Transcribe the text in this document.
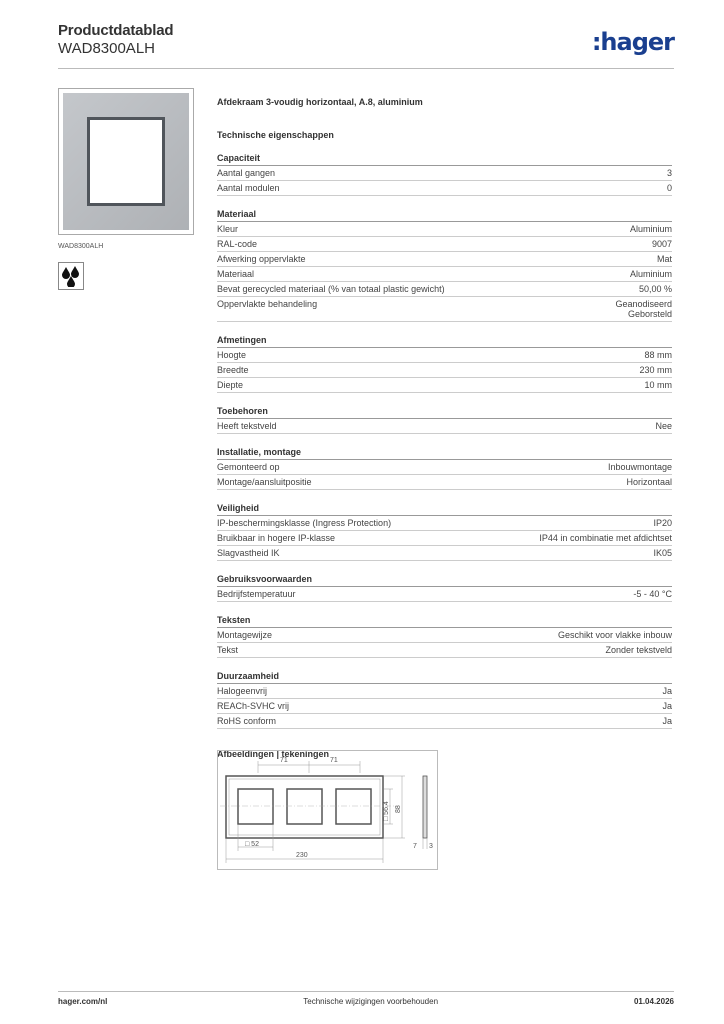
Productdatablad
WAD8300ALH	:hager
WAD8300ALH
Afdekraam 3-voudig horizontaal, A.8, aluminium
Technische eigenschappen
Capaciteit
Aantal gangen	3
Aantal modulen	0
Materiaal
Kleur	Aluminium
RAL-code	9007
Afwerking oppervlakte	Mat
Materiaal	Aluminium
Bevat gerecycled materiaal (% van totaal plastic gewicht)	50,00 %
Oppervlakte behandeling	Geanodiseerd
Geborsteld
Afmetingen
Hoogte	88 mm
Breedte	230 mm
Diepte	10 mm
Toebehoren
Heeft tekstveld	Nee
Installatie, montage
Gemonteerd op	Inbouwmontage
Montage/aansluitpositie	Horizontaal
Veiligheid
IP-beschermingsklasse (Ingress Protection)	IP20
Bruikbaar in hogere IP-klasse	IP44 in combinatie met afdichtset
Slagvastheid IK	IK05
Gebruiksvoorwaarden
Bedrijfstemperatuur	-5 - 40 °C
Teksten
Montagewijze	Geschikt voor vlakke inbouw
Tekst	Zonder tekstveld
Duurzaamheid
Halogeenvrij	Ja
REACh-SVHC vrij	Ja
RoHS conform	Ja
Afbeeldingen | tekeningen
71	71
□ 56.4 88
7 3
□ 52
230
hager.com/nl	Technische wijzigingen voorbehouden	01.04.2026
